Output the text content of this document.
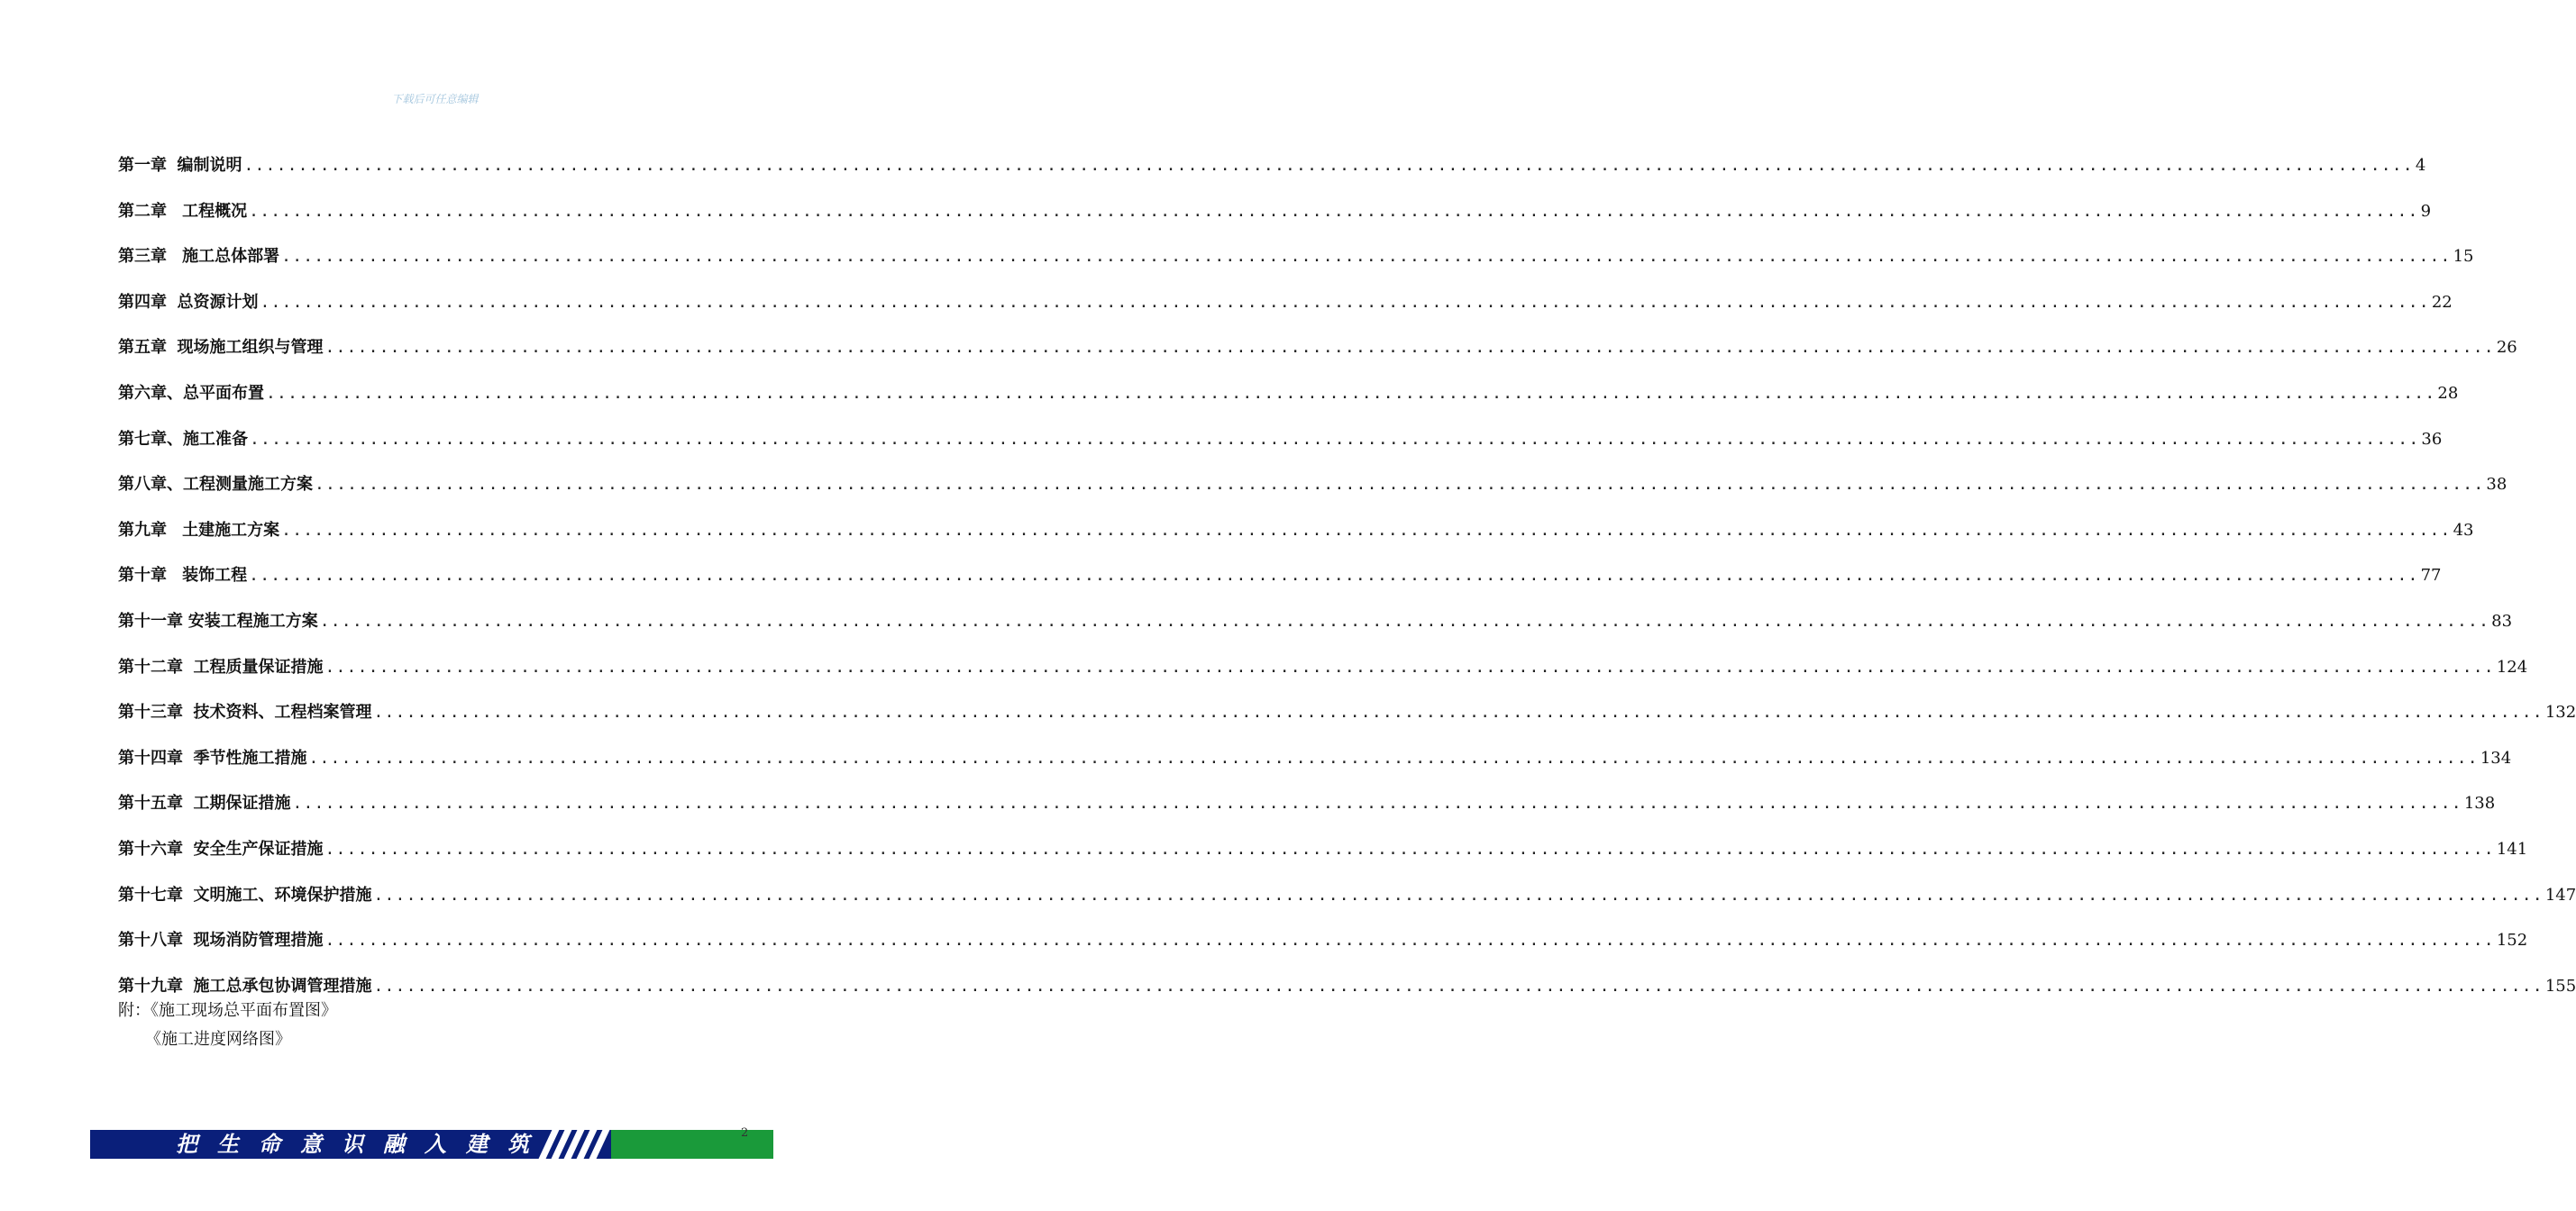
下载后可任意编辑
第一章
编制说明 ........................................................................................................................................................................................................ 4
第二章
工程概况 ........................................................................................................................................................................................................ 9
第三章
施工总体部署 ........................................................................................................................................................................................................ 15
第四章
总资源计划 ........................................................................................................................................................................................................ 22
第五章
现场施工组织与管理 ........................................................................................................................................................................................................ 26
第六章、 总平面布置 ........................................................................................................................................................................................................ 28
第七章、 施工准备 ........................................................................................................................................................................................................ 36
第八章、 工程测量施工方案 ........................................................................................................................................................................................................ 38
第九章
土建施工方案 ........................................................................................................................................................................................................ 43
第十章
装饰工程 ........................................................................................................................................................................................................ 77
第十一章
安装工程施工方案 ........................................................................................................................................................................................................ 83
第十二章
工程质量保证措施 ........................................................................................................................................................................................................ 124
第十三章
技术资料、工程档案管理 ........................................................................................................................................................................................................ 132
第十四章
季节性施工措施 ........................................................................................................................................................................................................ 134
第十五章
工期保证措施 ........................................................................................................................................................................................................ 138
第十六章
安全生产保证措施 ........................................................................................................................................................................................................ 141
第十七章
文明施工、环境保护措施 ........................................................................................................................................................................................................ 147
第十八章
现场消防管理措施 ........................................................................................................................................................................................................ 152
第十九章
施工总承包协调管理措施 ........................................................................................................................................................................................................ 155
附：《施工现场总平面布置图》
《施工进度网络图》
把生命意识融入建筑	2
